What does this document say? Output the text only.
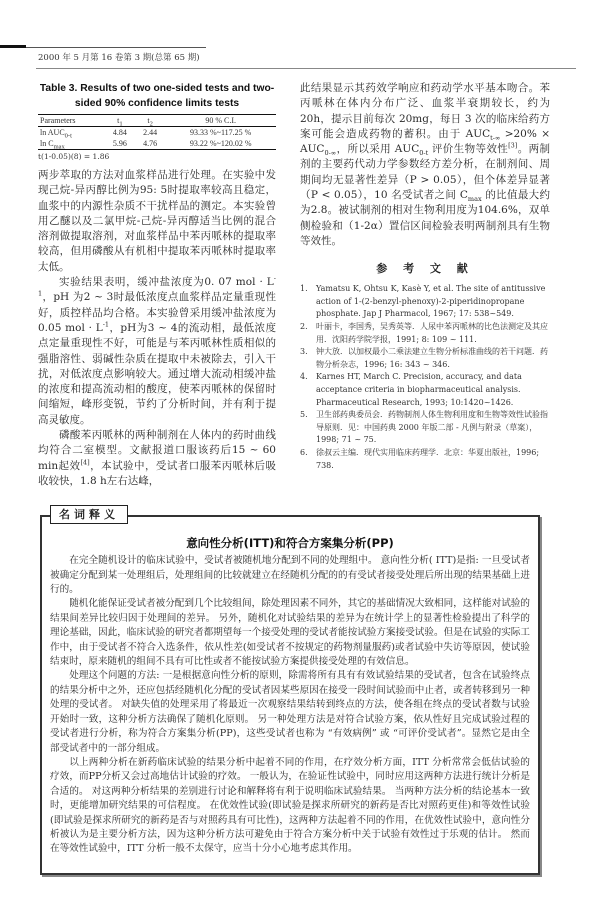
2000 年 5 月第 16 卷第 3 期(总第 65 期)
Table 3. Results of two one-sided tests and two-sided 90% confidence limits tests
Parameters	$t_1$	$t_2$	90 % C.I.
$\ln AUC_{0-t}$	4.84	2.44	93.33 %~117.25 %
$\ln C_{max}$	5.96	4.76	93.22 %~120.02 %
t(1-0.05)(8) = 1.86

两步萃取的方法对血浆样品进行处理。在实验中发现己烷-异丙醇比例为95: 5时提取率较高且稳定，血浆中的内源性杂质不干扰样品的测定。本实验曾用乙醚以及二氯甲烷-己烷-异丙醇适当比例的混合溶剂做提取溶剂，对血浆样品中苯丙哌林的提取率较高，但用磷酸从有机相中提取苯丙哌林时提取率太低。

实验结果表明，缓冲盐浓度为0. 07 mol · $L^{-1}$，pH 为2 ~ 3时最低浓度点血浆样品定量重现性好，质控样品均合格。本实验曾采用缓冲盐浓度为0.05 mol · $L^{-1}$，pH为3 ~ 4的流动相，最低浓度点定量重现性不好，可能是与苯丙哌林性质相似的强脂溶性、弱碱性杂质在提取中未被除去，引入干扰，对低浓度点影响较大。通过增大流动相缓冲盐的浓度和提高流动相的酸度，使苯丙哌林的保留时间缩短，峰形变锐，节约了分析时间，并有利于提高灵敏度。

磷酸苯丙哌林的两种制剂在人体内的药时曲线均符合二室模型。文献报道口服该药后15 ~ 60 min起效[4]，本试验中，受试者口服苯丙哌林后吸收较快，1.8 h左右达峰，

此结果显示其药效学响应和药动学水平基本吻合。苯丙哌林在体内分布广泛、血浆半衰期较长，约为 20h，提示目前每次 20mg，每日 3 次的临床给药方案可能会造成药物的蓄积。由于 $AUC_{t-\infty} >20\% \times AUC_{0-\infty}$，所以采用 $AUC_{0-t}$ 评价生物等效性[3]。两制剂的主要药代动力学参数经方差分析，在制剂间、周期间均无显著性差异（P > 0.05），但个体差异显著（P < 0.05），10 名受试者之间 $C_{max}$ 的比值最大约为2.8。被试制剂的相对生物利用度为104.6%，双单侧检验和（1-2α）置信区间检验表明两制剂具有生物等效性。

参 考 文 献
1.	Yamatsu K, Ohtsu K, Kasè Y, et al. The site of antitussive action of 1-(2-benzyl-phenoxy)-2-piperidinopropane phosphate. Jap J Pharmacol, 1967; 17: 538~549.
2.	叶丽卡，李国秀，吴秀英等．人尿中苯丙哌林的比色法测定及其应用．沈阳药学院学报，1991; 8: 109 ~ 111.
3.	钟大放．以加权最小二乘法建立生物分析标准曲线的若干问题．药物分析杂志，1996; 16: 343 ~ 346.
4.	Karnes HT, March C. Precision, accuracy, and data acceptance criteria in biopharmaceutical analysis. Pharmaceutical Research, 1993; 10:1420~1426.
5.	卫生部药典委员会．药物制剂人体生物利用度和生物等效性试验指导原则．见：中国药典 2000 年版二部 - 凡例与附录（草案），1998; 71 ~ 75.
6.	徐叔云主编．现代实用临床药理学．北京：华夏出版社，1996; 738.
意向性分析(ITT)和符合方案集分析(PP)

在完全随机设计的临床试验中，受试者被随机地分配到不同的处理组中。 意向性分析( ITT)是指: 一旦受试者被确定分配到某一处理组后，处理组间的比较就建立在经随机分配的的有受试者接受处理后所出现的结果基础上进行的。

随机化能保证受试者被分配到几个比较组间，除处理因素不同外，其它的基础情况大致相同，这样能对试验的结果间差异比较归因于处理间的差异。 另外，随机化对试验结果的差异为在统计学上的显著性检验提出了科学的理论基础，因此，临床试验的研究者都期望每一个接受处理的受试者能按试验方案接受试验。但是在试验的实际工作中，由于受试者不符合入选条件，依从性差(如受试者不按规定的药物剂量服药)或者试验中失访等原因，使试验结束时，原来随机的组间不具有可比性或者不能按试验方案提供接受处理的有效信息。

处理这个问题的方法: 一是根据意向性分析的原则，除需将所有具有有效试验结果的受试者，包含在试验终点的结果分析中之外，还应包括经随机化分配的受试者因某些原因在接受一段时间试验而中止者，或者转移到另一种处理的受试者。 对缺失值的处理采用了将最近一次观察结果结转到终点的方法，使各组在终点的受试者数与试验开始时一致，这种分析方法确保了随机化原则。 另一种处理方法是对符合试验方案，依从性好且完成试验过程的受试者进行分析，称为符合方案集分析(PP)，这些受试者也称为 “有效病例” 或 “可评价受试者”。显然它是由全部受试者中的一部分组成。

以上两种分析在新药临床试验的结果分析中起着不同的作用，在疗效分析方面，ITT 分析常常会低估试验的疗效，而PP分析又会过高地估计试验的疗效。 一般认为，在验证性试验中，同时应用这两种方法进行统计分析是合适的。 对这两种分析结果的差别进行讨论和解释将有利于说明临床试验结果。 当两种方法分析的结论基本一致时，更能增加研究结果的可信程度。 在优效性试验(即试验是探求所研究的新药是否比对照药更佳)和等效性试验(即试验是探求所研究的新药是否与对照药具有可比性)，这两种方法起着不同的作用，在优效性试验中，意向性分析被认为是主要分析方法，因为这种分析方法可避免由于符合方案分析中关于试验有效性过于乐观的估计。 然而在等效性试验中，ITT 分析一般不太保守，应当十分小心地考虑其作用。

名词释义
